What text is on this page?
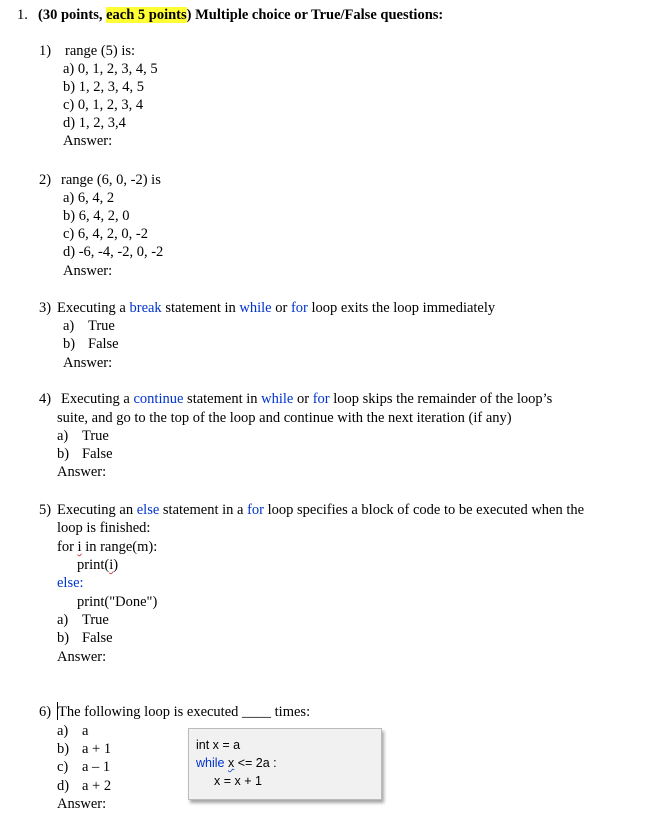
1. (30 points, each 5 points) Multiple choice or True/False questions:
1) range (5) is:
a) 0, 1, 2, 3, 4, 5
b) 1, 2, 3, 4, 5
c) 0, 1, 2, 3, 4
d) 1, 2, 3,4
Answer:
2) range (6, 0, -2) is
a) 6, 4, 2
b) 6, 4, 2, 0
c) 6, 4, 2, 0, -2
d) -6, -4, -2, 0, -2
Answer:
3) Executing a break statement in while or for loop exits the loop immediately
a) True
b) False
Answer:
4) Executing a continue statement in while or for loop skips the remainder of the loop’s
suite, and go to the top of the loop and continue with the next iteration (if any)
a) True
b) False
Answer:
5) Executing an else statement in a for loop specifies a block of code to be executed when the
loop is finished:
for i in range(m):
print(i)
else:
print("Done")
a) True
b) False
Answer:
6) The following loop is executed ____ times:
a) a
b) a + 1
c) a – 1
d) a + 2
Answer:
int x = a
while x <= 2a :
x = x + 1
